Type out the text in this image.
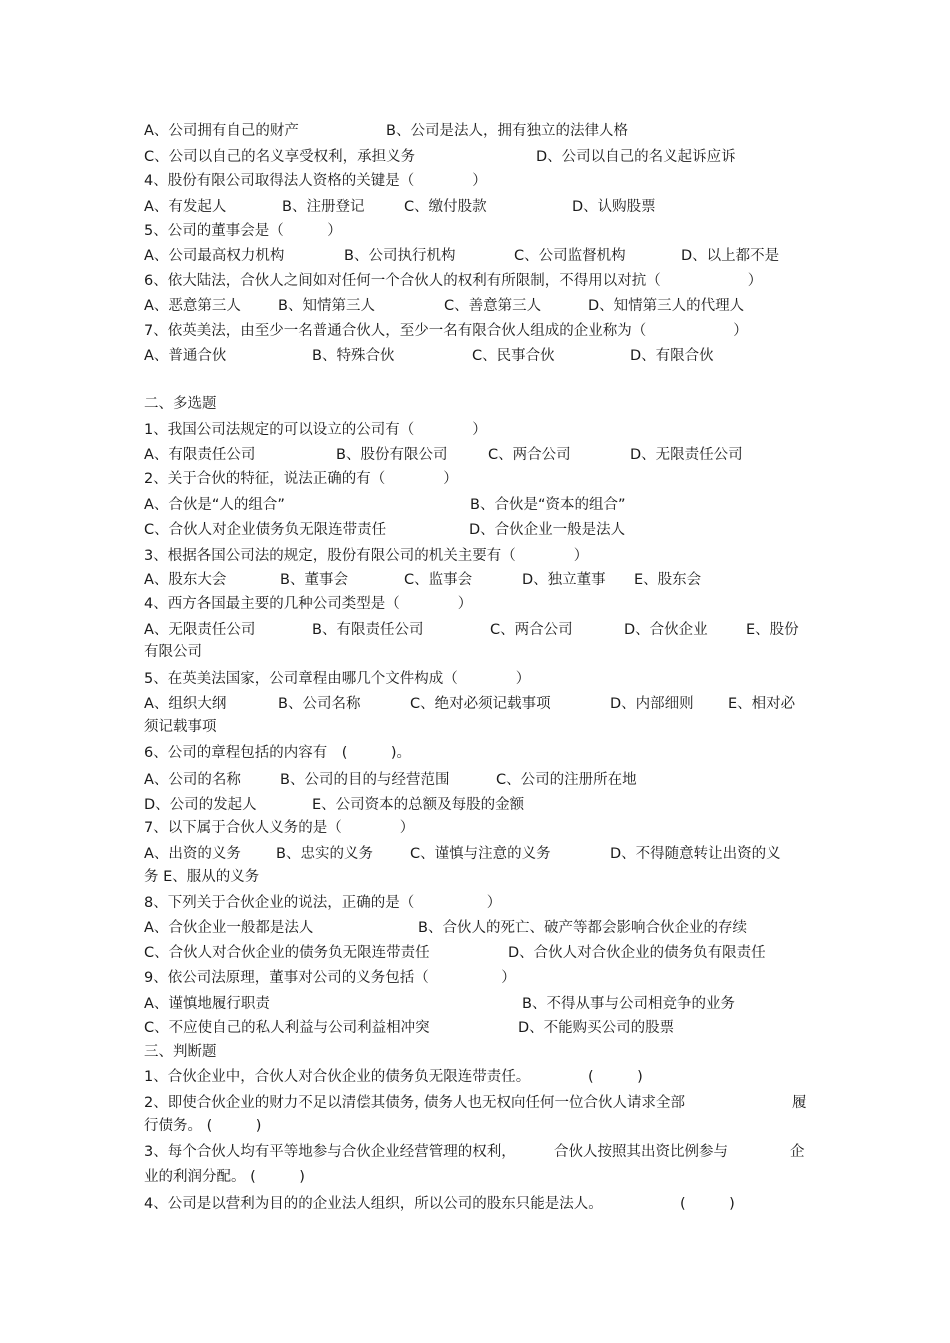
A、公司拥有自己的财产	B、公司是法人，拥有独立的法律人格
C、公司以自己的名义享受权利，承担义务	D、公司以自己的名义起诉应诉
4、股份有限公司取得法人资格的关键是（　　　　）
A、有发起人	B、注册登记	C、缴付股款	D、认购股票
5、公司的董事会是（　　　）
A、公司最高权力机构	B、公司执行机构	C、公司监督机构	D、以上都不是
6、依大陆法，合伙人之间如对任何一个合伙人的权利有所限制，不得用以对抗（　　　　　　）
A、恶意第三人	B、知情第三人	C、善意第三人	D、知情第三人的代理人
7、依英美法，由至少一名普通合伙人，至少一名有限合伙人组成的企业称为（　　　　　　）
A、普通合伙	B、特殊合伙	C、民事合伙	D、有限合伙
二、多选题
1、我国公司法规定的可以设立的公司有（　　　　）
A、有限责任公司	B、股份有限公司	C、两合公司	D、无限责任公司
2、关于合伙的特征，说法正确的有（　　　　）
A、合伙是“人的组合”	B、合伙是“资本的组合”
C、合伙人对企业债务负无限连带责任	D、合伙企业一般是法人
3、根据各国公司法的规定，股份有限公司的机关主要有（　　　　）
A、股东大会	B、董事会	C、监事会	D、独立董事 E、股东会
4、西方各国最主要的几种公司类型是（　　　　）
A、无限责任公司	B、有限责任公司	C、两合公司	D、合伙企业	E、股份
有限公司
5、在英美法国家，公司章程由哪几个文件构成（　　　　）
A、组织大纲	B、公司名称	C、绝对必须记载事项	D、内部细则 E、相对必
须记载事项
6、公司的章程包括的内容有　(　　　)。
A、公司的名称	B、公司的目的与经营范围	C、公司的注册所在地
D、公司的发起人	E、公司资本的总额及每股的金额
7、以下属于合伙人义务的是（　　　　）
A、出资的义务 B、忠实的义务	C、谨慎与注意的义务	D、不得随意转让出资的义
务 E、服从的义务
8、下列关于合伙企业的说法，正确的是（　　　　　）
A、合伙企业一般都是法人	B、合伙人的死亡、破产等都会影响合伙企业的存续
C、合伙人对合伙企业的债务负无限连带责任	D、合伙人对合伙企业的债务负有限责任
9、依公司法原理，董事对公司的义务包括（　　　　　）
A、谨慎地履行职责	B、不得从事与公司相竞争的业务
C、不应使自己的私人利益与公司利益相冲突	D、不能购买公司的股票
三、判断题
1、合伙企业中，合伙人对合伙企业的债务负无限连带责任。	(　　　)
2、即使合伙企业的财力不足以清偿其债务，
债务人也无权向任何一位合伙人请求全部	履
行债务。 (　　　)
3、每个合伙人均有平等地参与合伙企业经营管理的权利，	合伙人按照其出资比例参与	企
业的利润分配。 (　　　)
4、公司是以营利为目的的企业法人组织，所以公司的股东只能是法人。	(　　　)
